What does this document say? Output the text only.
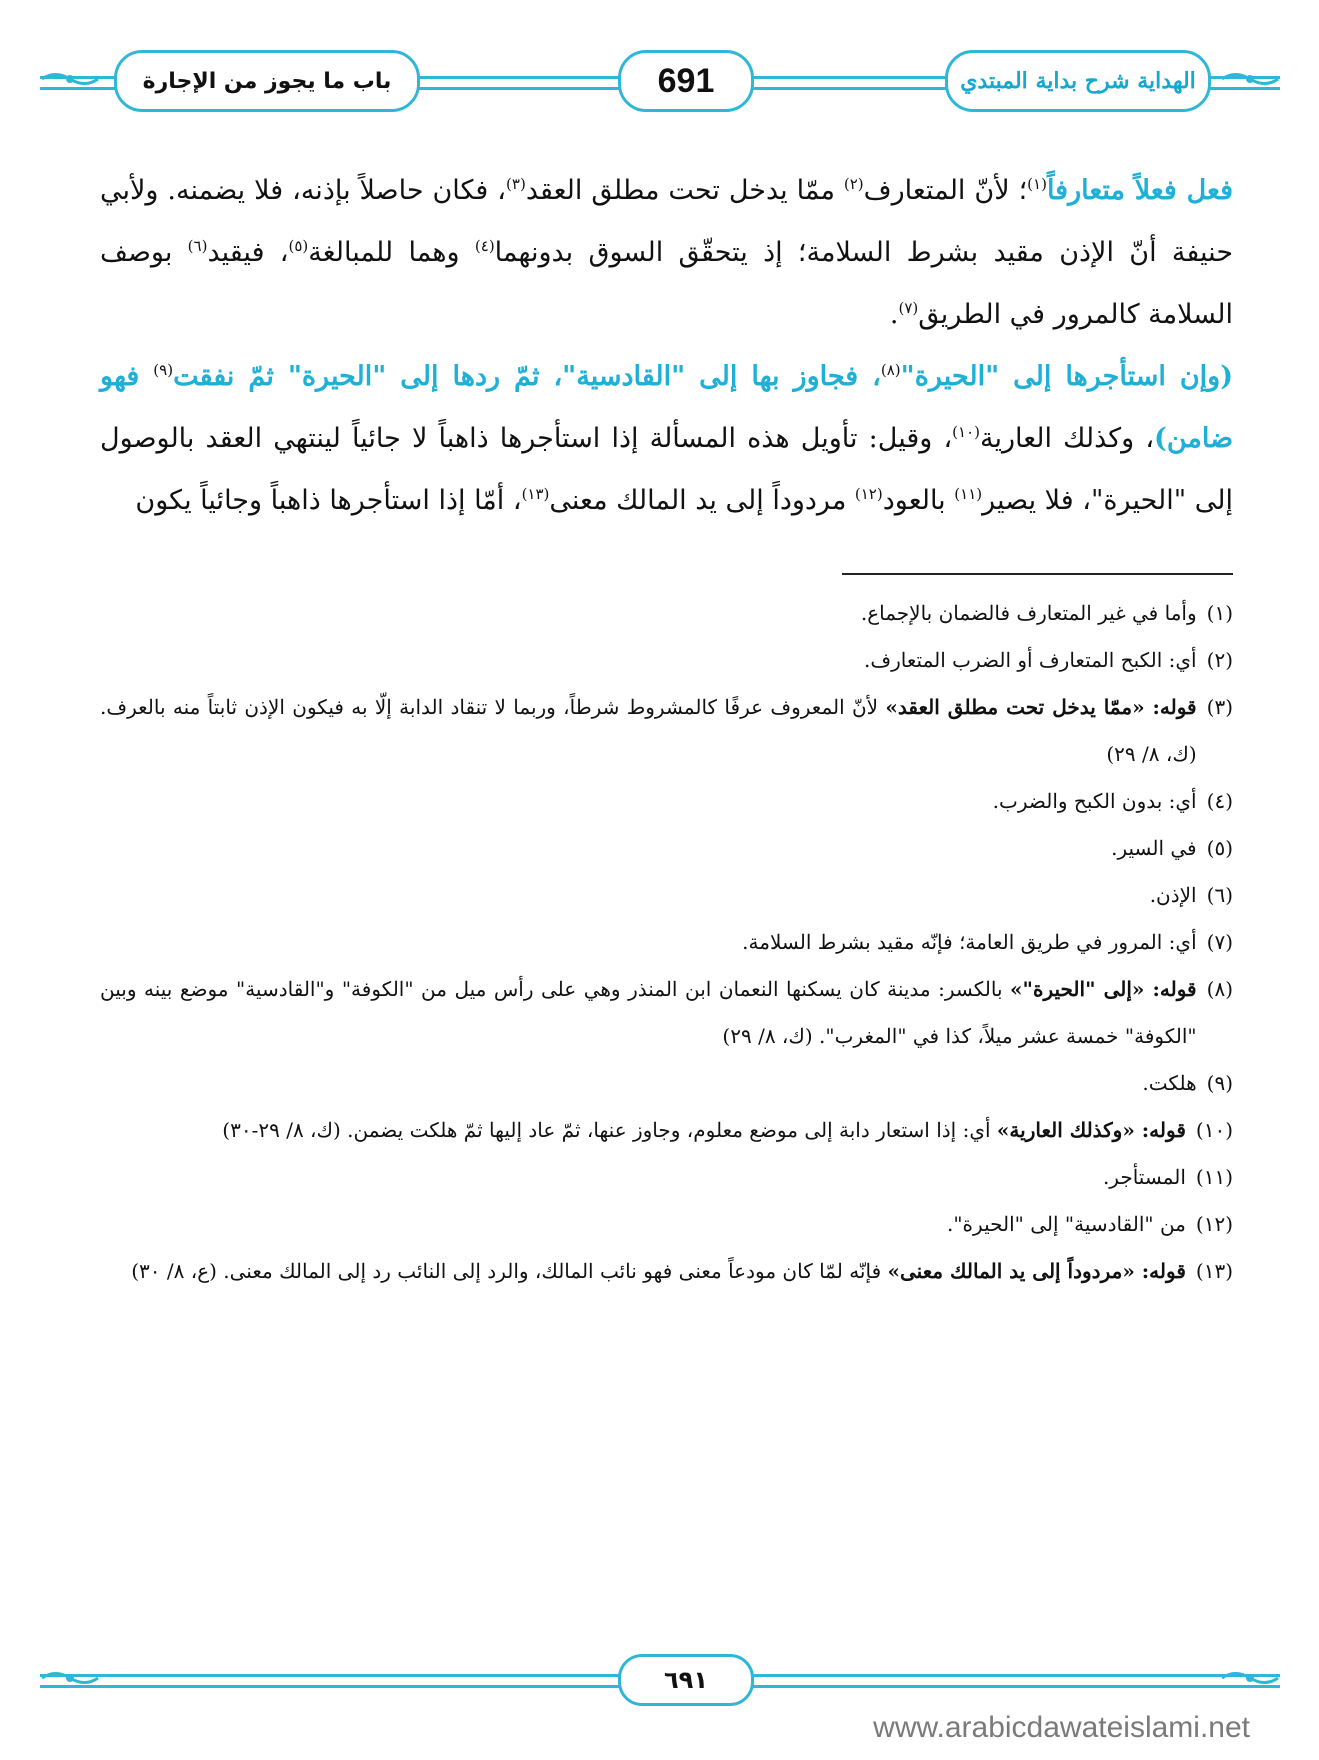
باب ما يجوز من الإجارة	691	الهداية شرح بداية المبتدي

فعل فعلاً متعارفاً$^{(١)}$؛ لأنّ المتعارف$^{(٢)}$ ممّا يدخل تحت مطلق العقد$^{(٣)}$، فكان حاصلاً بإذنه، فلا يضمنه. ولأبي حنيفة أنّ الإذن مقيد بشرط السلامة؛ إذ يتحقّق السوق بدونهما$^{(٤)}$ وهما للمبالغة$^{(٥)}$، فيقيد$^{(٦)}$ بوصف السلامة كالمرور في الطريق$^{(٧)}$.

(وإن استأجرها إلى "الحيرة"$^{(٨)}$، فجاوز بها إلى "القادسية"، ثمّ ردها إلى "الحيرة" ثمّ نفقت$^{(٩)}$ فهو ضامن)، وكذلك العارية$^{(١٠)}$، وقيل: تأويل هذه المسألة إذا استأجرها ذاهباً لا جائياً لينتهي العقد بالوصول إلى "الحيرة"، فلا يصير$^{(١١)}$ بالعود$^{(١٢)}$ مردوداً إلى يد المالك معنى$^{(١٣)}$، أمّا إذا استأجرها ذاهباً وجائياً يكون

(١)
وأما في غير المتعارف فالضمان بالإجماع.
(٢)
أي: الكبح المتعارف أو الضرب المتعارف.
(٣)
قوله: «ممّا يدخل تحت مطلق العقد» لأنّ المعروف عرفًا كالمشروط شرطاً، وربما لا تنقاد الدابة إلّا به فيكون الإذن ثابتاً منه بالعرف. (ك، ٨/ ٢٩)
(٤)
أي: بدون الكبح والضرب.
(٥)
في السير.
(٦)
الإذن.
(٧)
أي: المرور في طريق العامة؛ فإنّه مقيد بشرط السلامة.
(٨)
قوله: «إلى "الحيرة"» بالكسر: مدينة كان يسكنها النعمان ابن المنذر وهي على رأس ميل من "الكوفة" و"القادسية" موضع بينه وبين "الكوفة" خمسة عشر ميلاً، كذا في "المغرب". (ك، ٨/ ٢٩)
(٩)
هلكت.
(١٠)
قوله: «وكذلك العارية» أي: إذا استعار دابة إلى موضع معلوم، وجاوز عنها، ثمّ عاد إليها ثمّ هلكت يضمن. (ك، ٨/ ٢٩-٣٠)
(١١)
المستأجر.
(١٢)
من "القادسية" إلى "الحيرة".
(١٣)
قوله: «مردوداً إلى يد المالك معنى» فإنّه لمّا كان مودعاً معنى فهو نائب المالك، والرد إلى النائب رد إلى المالك معنى. (ع، ٨/ ٣٠)
٦٩١
www.arabicdawateislami.net
